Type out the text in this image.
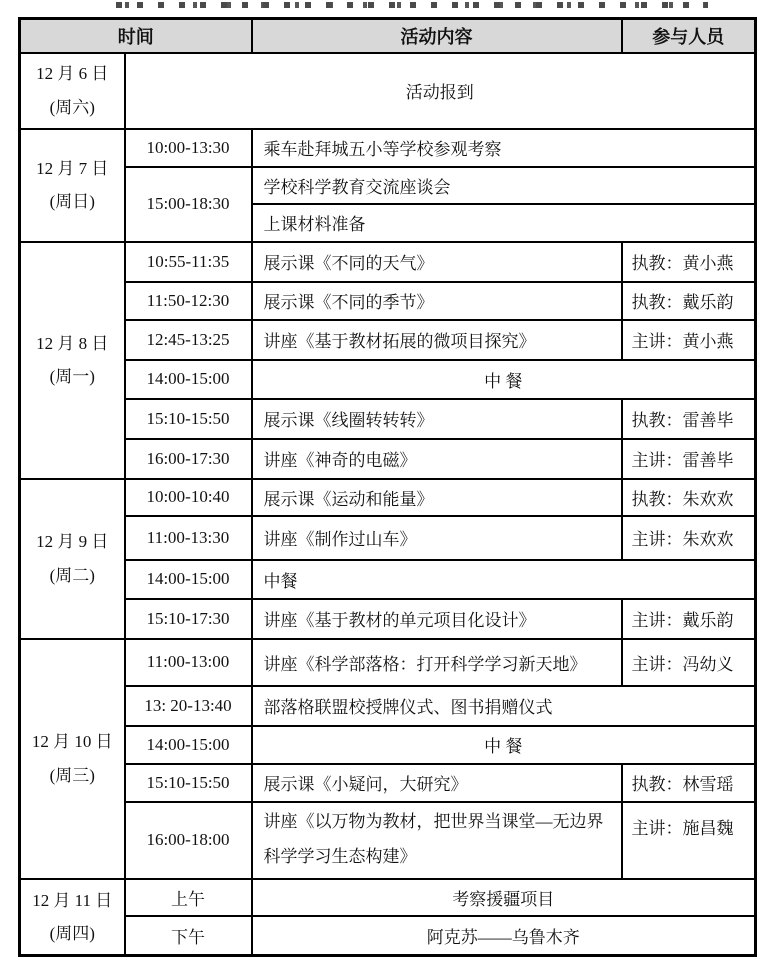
时间		活动内容	参与人员

12 月 6 日
(周六)	活动报到		

12 月 7 日
(周日)	10:00-13:30	乘车赴拜城五小等学校参观考察	
	15:00-18:30	学校科学教育交流座谈会	
		上课材料准备	

12 月 8 日
(周一)	10:55-11:35	展示课《不同的天气》	执教：黄小燕
	11:50-12:30	展示课《不同的季节》	执教：戴乐韵
	12:45-13:25	讲座《基于教材拓展的微项目探究》	主讲：黄小燕
	14:00-15:00	中 餐	
	15:10-15:50	展示课《线圈转转转》	执教：雷善毕
	16:00-17:30	讲座《神奇的电磁》	主讲：雷善毕

12 月 9 日
(周二)	10:00-10:40	展示课《运动和能量》	执教：朱欢欢
	11:00-13:30	讲座《制作过山车》	主讲：朱欢欢
	14:00-15:00	中餐	
	15:10-17:30	讲座《基于教材的单元项目化设计》	主讲：戴乐韵

12 月 10 日
(周三)	11:00-13:00	讲座《科学部落格：打开科学学习新天地》	主讲：冯幼义
	13: 20-13:40	部落格联盟校授牌仪式、图书捐赠仪式	
	14:00-15:00	中 餐	
	15:10-15:50	展示课《小疑问，大研究》	执教：林雪瑶
	16:00-18:00	讲座《以万物为教材，把世界当课堂—无边界科学学习生态构建》	主讲：施昌魏

12 月 11 日
(周四)	上午	考察援疆项目	
	下午	阿克苏——乌鲁木齐	
